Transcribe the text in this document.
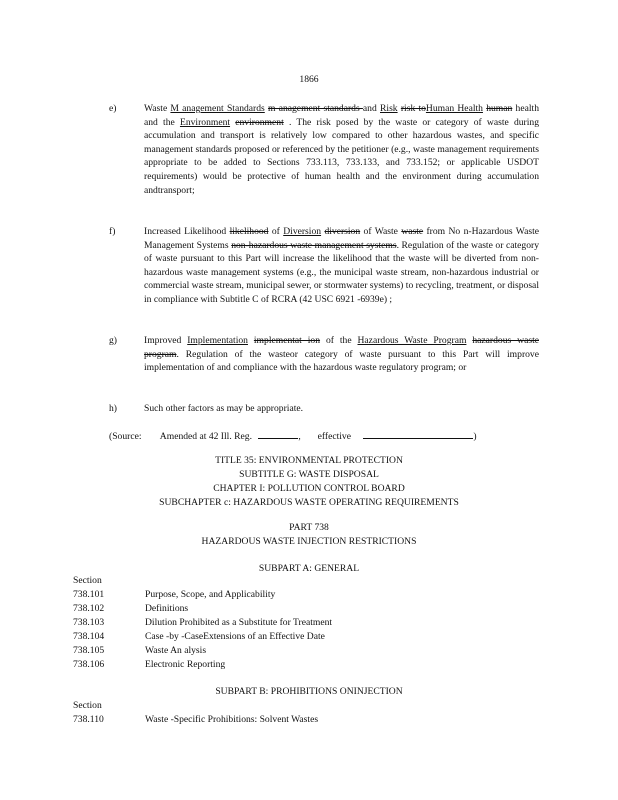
1866
e)	Waste M anagement Standards m anagement standards and Risk risk toHuman Health human health and the Environment environment . The risk posed by the waste or category of waste during accumulation and transport is relatively low compared to other hazardous wastes, and specific management standards proposed or referenced by the petitioner (e.g., waste management requirements appropriate to be added to Sections 733.113, 733.133, and 733.152; or applicable USDOT requirements) would be protective of human health and the environment during accumulation andtransport;
f)	Increased Likelihood likelihood of Diversion diversion of Waste waste from No n-Hazardous Waste Management Systems non-hazardous waste management systems. Regulation of the waste or category of waste pursuant to this Part will increase the likelihood that the waste will be diverted from non-hazardous waste management systems (e.g., the municipal waste stream, non-hazardous industrial or commercial waste stream, municipal sewer, or stormwater systems) to recycling, treatment, or disposal in compliance with Subtitle C of RCRA (42 USC 6921 -6939e) ;
g)	Improved Implementation implementat ion of the Hazardous Waste Program hazardous waste program. Regulation of the wasteor category of waste pursuant to this Part will improve implementation of and compliance with the hazardous waste regulatory program; or
h)	Such other factors as may be appropriate.
(Source: Amended at 42 Ill. Reg.	, effective	)
TITLE 35: ENVIRONMENTAL PROTECTION
SUBTITLE G: WASTE DISPOSAL
CHAPTER I: POLLUTION CONTROL BOARD
SUBCHAPTER c: HAZARDOUS WASTE OPERATING REQUIREMENTS
PART 738
HAZARDOUS WASTE INJECTION RESTRICTIONS
SUBPART A: GENERAL
Section
738.101	Purpose, Scope, and Applicability
738.102	Definitions
738.103	Dilution Prohibited as a Substitute for Treatment
738.104	Case -by -CaseExtensions of an Effective Date
738.105	Waste An alysis
738.106	Electronic Reporting
SUBPART B: PROHIBITIONS ONINJECTION
Section
738.110	Waste -Specific Prohibitions: Solvent Wastes
